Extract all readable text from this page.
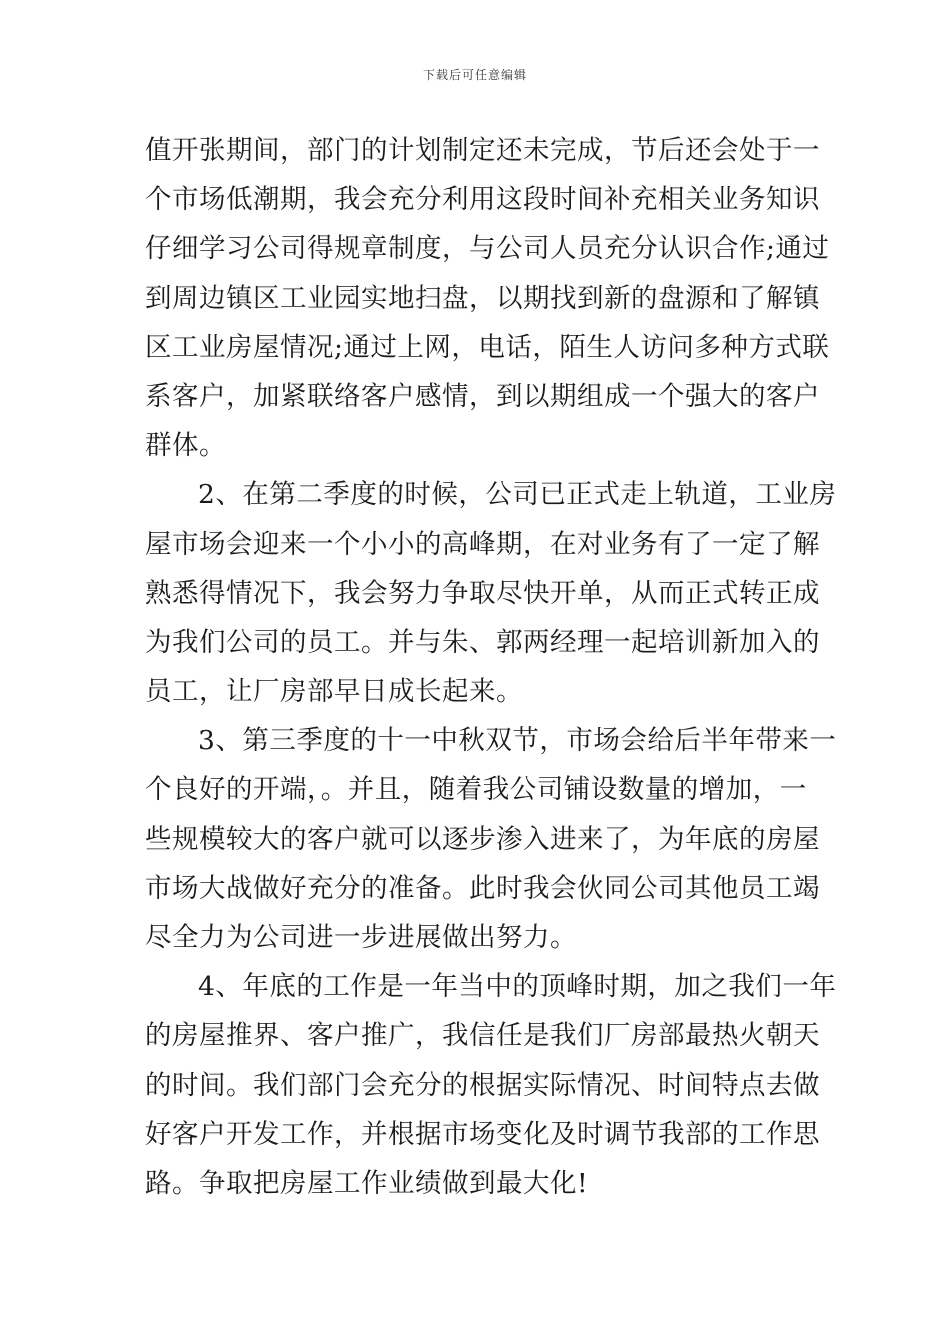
下载后可任意编辑
值开张期间，部门的计划制定还未完成，节后还会处于一
个市场低潮期，我会充分利用这段时间补充相关业务知识
仔细学习公司得规章制度，与公司人员充分认识合作;通过
到周边镇区工业园实地扫盘，以期找到新的盘源和了解镇
区工业房屋情况;通过上网，电话，陌生人访问多种方式联
系客户，加紧联络客户感情，到以期组成一个强大的客户
群体。
2、在第二季度的时候，公司已正式走上轨道，工业房
屋市场会迎来一个小小的高峰期，在对业务有了一定了解
熟悉得情况下，我会努力争取尽快开单，从而正式转正成
为我们公司的员工。并与朱、郭两经理一起培训新加入的
员工，让厂房部早日成长起来。
3、第三季度的十一中秋双节，市场会给后半年带来一
个良好的开端，。并且，随着我公司铺设数量的增加，一
些规模较大的客户就可以逐步渗入进来了，为年底的房屋
市场大战做好充分的准备。此时我会伙同公司其他员工竭
尽全力为公司进一步进展做出努力。
4、年底的工作是一年当中的顶峰时期，加之我们一年
的房屋推界、客户推广，我信任是我们厂房部最热火朝天
的时间。我们部门会充分的根据实际情况、时间特点去做
好客户开发工作，并根据市场变化及时调节我部的工作思
路。争取把房屋工作业绩做到最大化!
